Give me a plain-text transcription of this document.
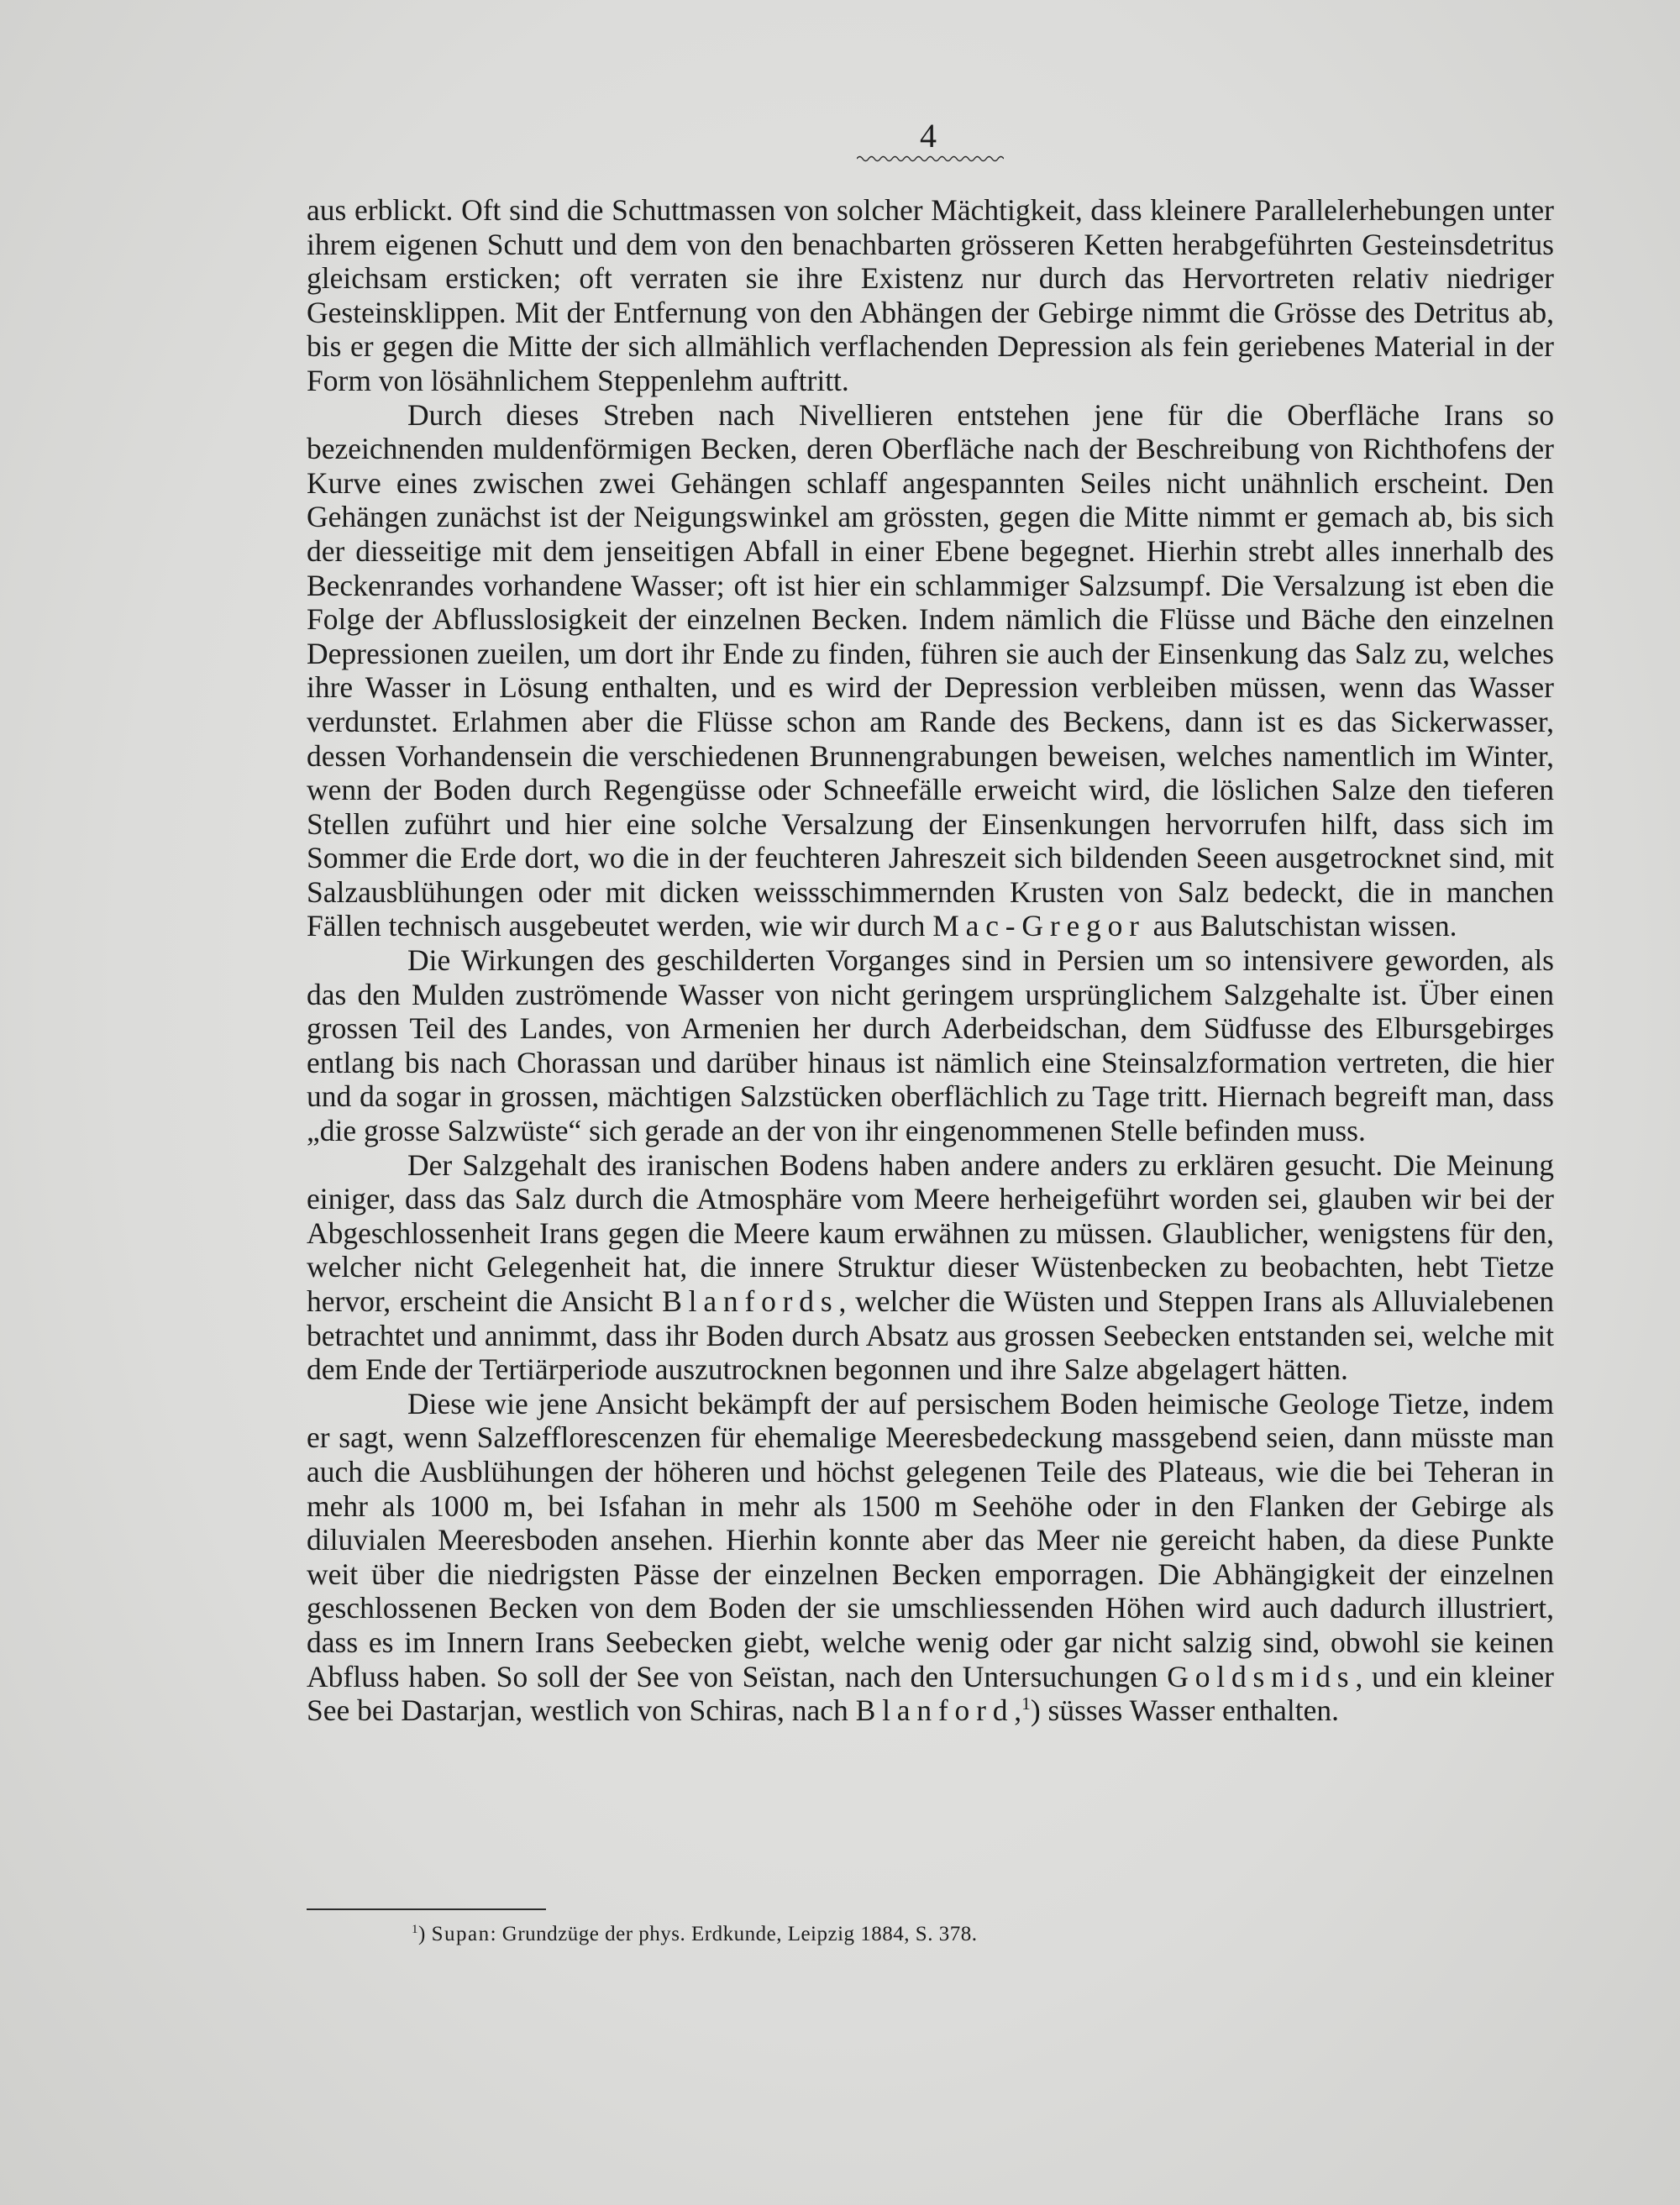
4

aus erblickt. Oft sind die Schuttmassen von solcher Mächtigkeit, dass kleinere Parallelerhebungen unter ihrem eigenen Schutt und dem von den benachbarten grösseren Ketten herabgeführten Gesteinsdetritus gleichsam ersticken; oft verraten sie ihre Existenz nur durch das Hervortreten relativ niedriger Gesteinsklippen. Mit der Entfernung von den Abhängen der Gebirge nimmt die Grösse des Detritus ab, bis er gegen die Mitte der sich allmählich verflachenden Depression als fein geriebenes Material in der Form von lösähnlichem Steppenlehm auftritt.

Durch dieses Streben nach Nivellieren entstehen jene für die Oberfläche Irans so bezeichnenden muldenförmigen Becken, deren Oberfläche nach der Beschreibung von Richthofens der Kurve eines zwischen zwei Gehängen schlaff angespannten Seiles nicht unähnlich erscheint. Den Gehängen zunächst ist der Neigungswinkel am grössten, gegen die Mitte nimmt er gemach ab, bis sich der diesseitige mit dem jenseitigen Abfall in einer Ebene begegnet. Hierhin strebt alles innerhalb des Beckenrandes vorhandene Wasser; oft ist hier ein schlammiger Salzsumpf. Die Versalzung ist eben die Folge der Abflusslosigkeit der einzelnen Becken. Indem nämlich die Flüsse und Bäche den einzelnen Depressionen zueilen, um dort ihr Ende zu finden, führen sie auch der Einsenkung das Salz zu, welches ihre Wasser in Lösung enthalten, und es wird der Depression verbleiben müssen, wenn das Wasser verdunstet. Erlahmen aber die Flüsse schon am Rande des Beckens, dann ist es das Sickerwasser, dessen Vorhandensein die verschiedenen Brunnengrabungen beweisen, welches namentlich im Winter, wenn der Boden durch Regengüsse oder Schneefälle erweicht wird, die löslichen Salze den tieferen Stellen zuführt und hier eine solche Versalzung der Einsenkungen hervorrufen hilft, dass sich im Sommer die Erde dort, wo die in der feuchteren Jahreszeit sich bildenden Seeen ausgetrocknet sind, mit Salzausblühungen oder mit dicken weissschimmernden Krusten von Salz bedeckt, die in manchen Fällen technisch ausgebeutet werden, wie wir durch Mac-Gregor aus Balutschistan wissen.

Die Wirkungen des geschilderten Vorganges sind in Persien um so intensivere geworden, als das den Mulden zuströmende Wasser von nicht geringem ursprünglichem Salzgehalte ist. Über einen grossen Teil des Landes, von Armenien her durch Aderbeidschan, dem Südfusse des Elbursgebirges entlang bis nach Chorassan und darüber hinaus ist nämlich eine Steinsalzformation vertreten, die hier und da sogar in grossen, mächtigen Salzstücken oberflächlich zu Tage tritt. Hiernach begreift man, dass „die grosse Salzwüste“ sich gerade an der von ihr eingenommenen Stelle befinden muss.

Der Salzgehalt des iranischen Bodens haben andere anders zu erklären gesucht. Die Meinung einiger, dass das Salz durch die Atmosphäre vom Meere herheigeführt worden sei, glauben wir bei der Abgeschlossenheit Irans gegen die Meere kaum erwähnen zu müssen. Glaublicher, wenigstens für den, welcher nicht Gelegenheit hat, die innere Struktur dieser Wüstenbecken zu beobachten, hebt Tietze hervor, erscheint die Ansicht Blanfords, welcher die Wüsten und Steppen Irans als Alluvialebenen betrachtet und annimmt, dass ihr Boden durch Absatz aus grossen Seebecken entstanden sei, welche mit dem Ende der Tertiärperiode auszutrocknen begonnen und ihre Salze abgelagert hätten.

Diese wie jene Ansicht bekämpft der auf persischem Boden heimische Geologe Tietze, indem er sagt, wenn Salzefflorescenzen für ehemalige Meeresbedeckung massgebend seien, dann müsste man auch die Ausblühungen der höheren und höchst gelegenen Teile des Plateaus, wie die bei Teheran in mehr als 1000 m, bei Isfahan in mehr als 1500 m Seehöhe oder in den Flanken der Gebirge als diluvialen Meeresboden ansehen. Hierhin konnte aber das Meer nie gereicht haben, da diese Punkte weit über die niedrigsten Pässe der einzelnen Becken emporragen. Die Abhängigkeit der einzelnen geschlossenen Becken von dem Boden der sie umschliessenden Höhen wird auch dadurch illustriert, dass es im Innern Irans Seebecken giebt, welche wenig oder gar nicht salzig sind, obwohl sie keinen Abfluss haben. So soll der See von Seïstan, nach den Untersuchungen Goldsmids, und ein kleiner See bei Dastarjan, westlich von Schiras, nach Blanford,$^1$) süsses Wasser enthalten.

$^1$) Supan: Grundzüge der phys. Erdkunde, Leipzig 1884, S. 378.
